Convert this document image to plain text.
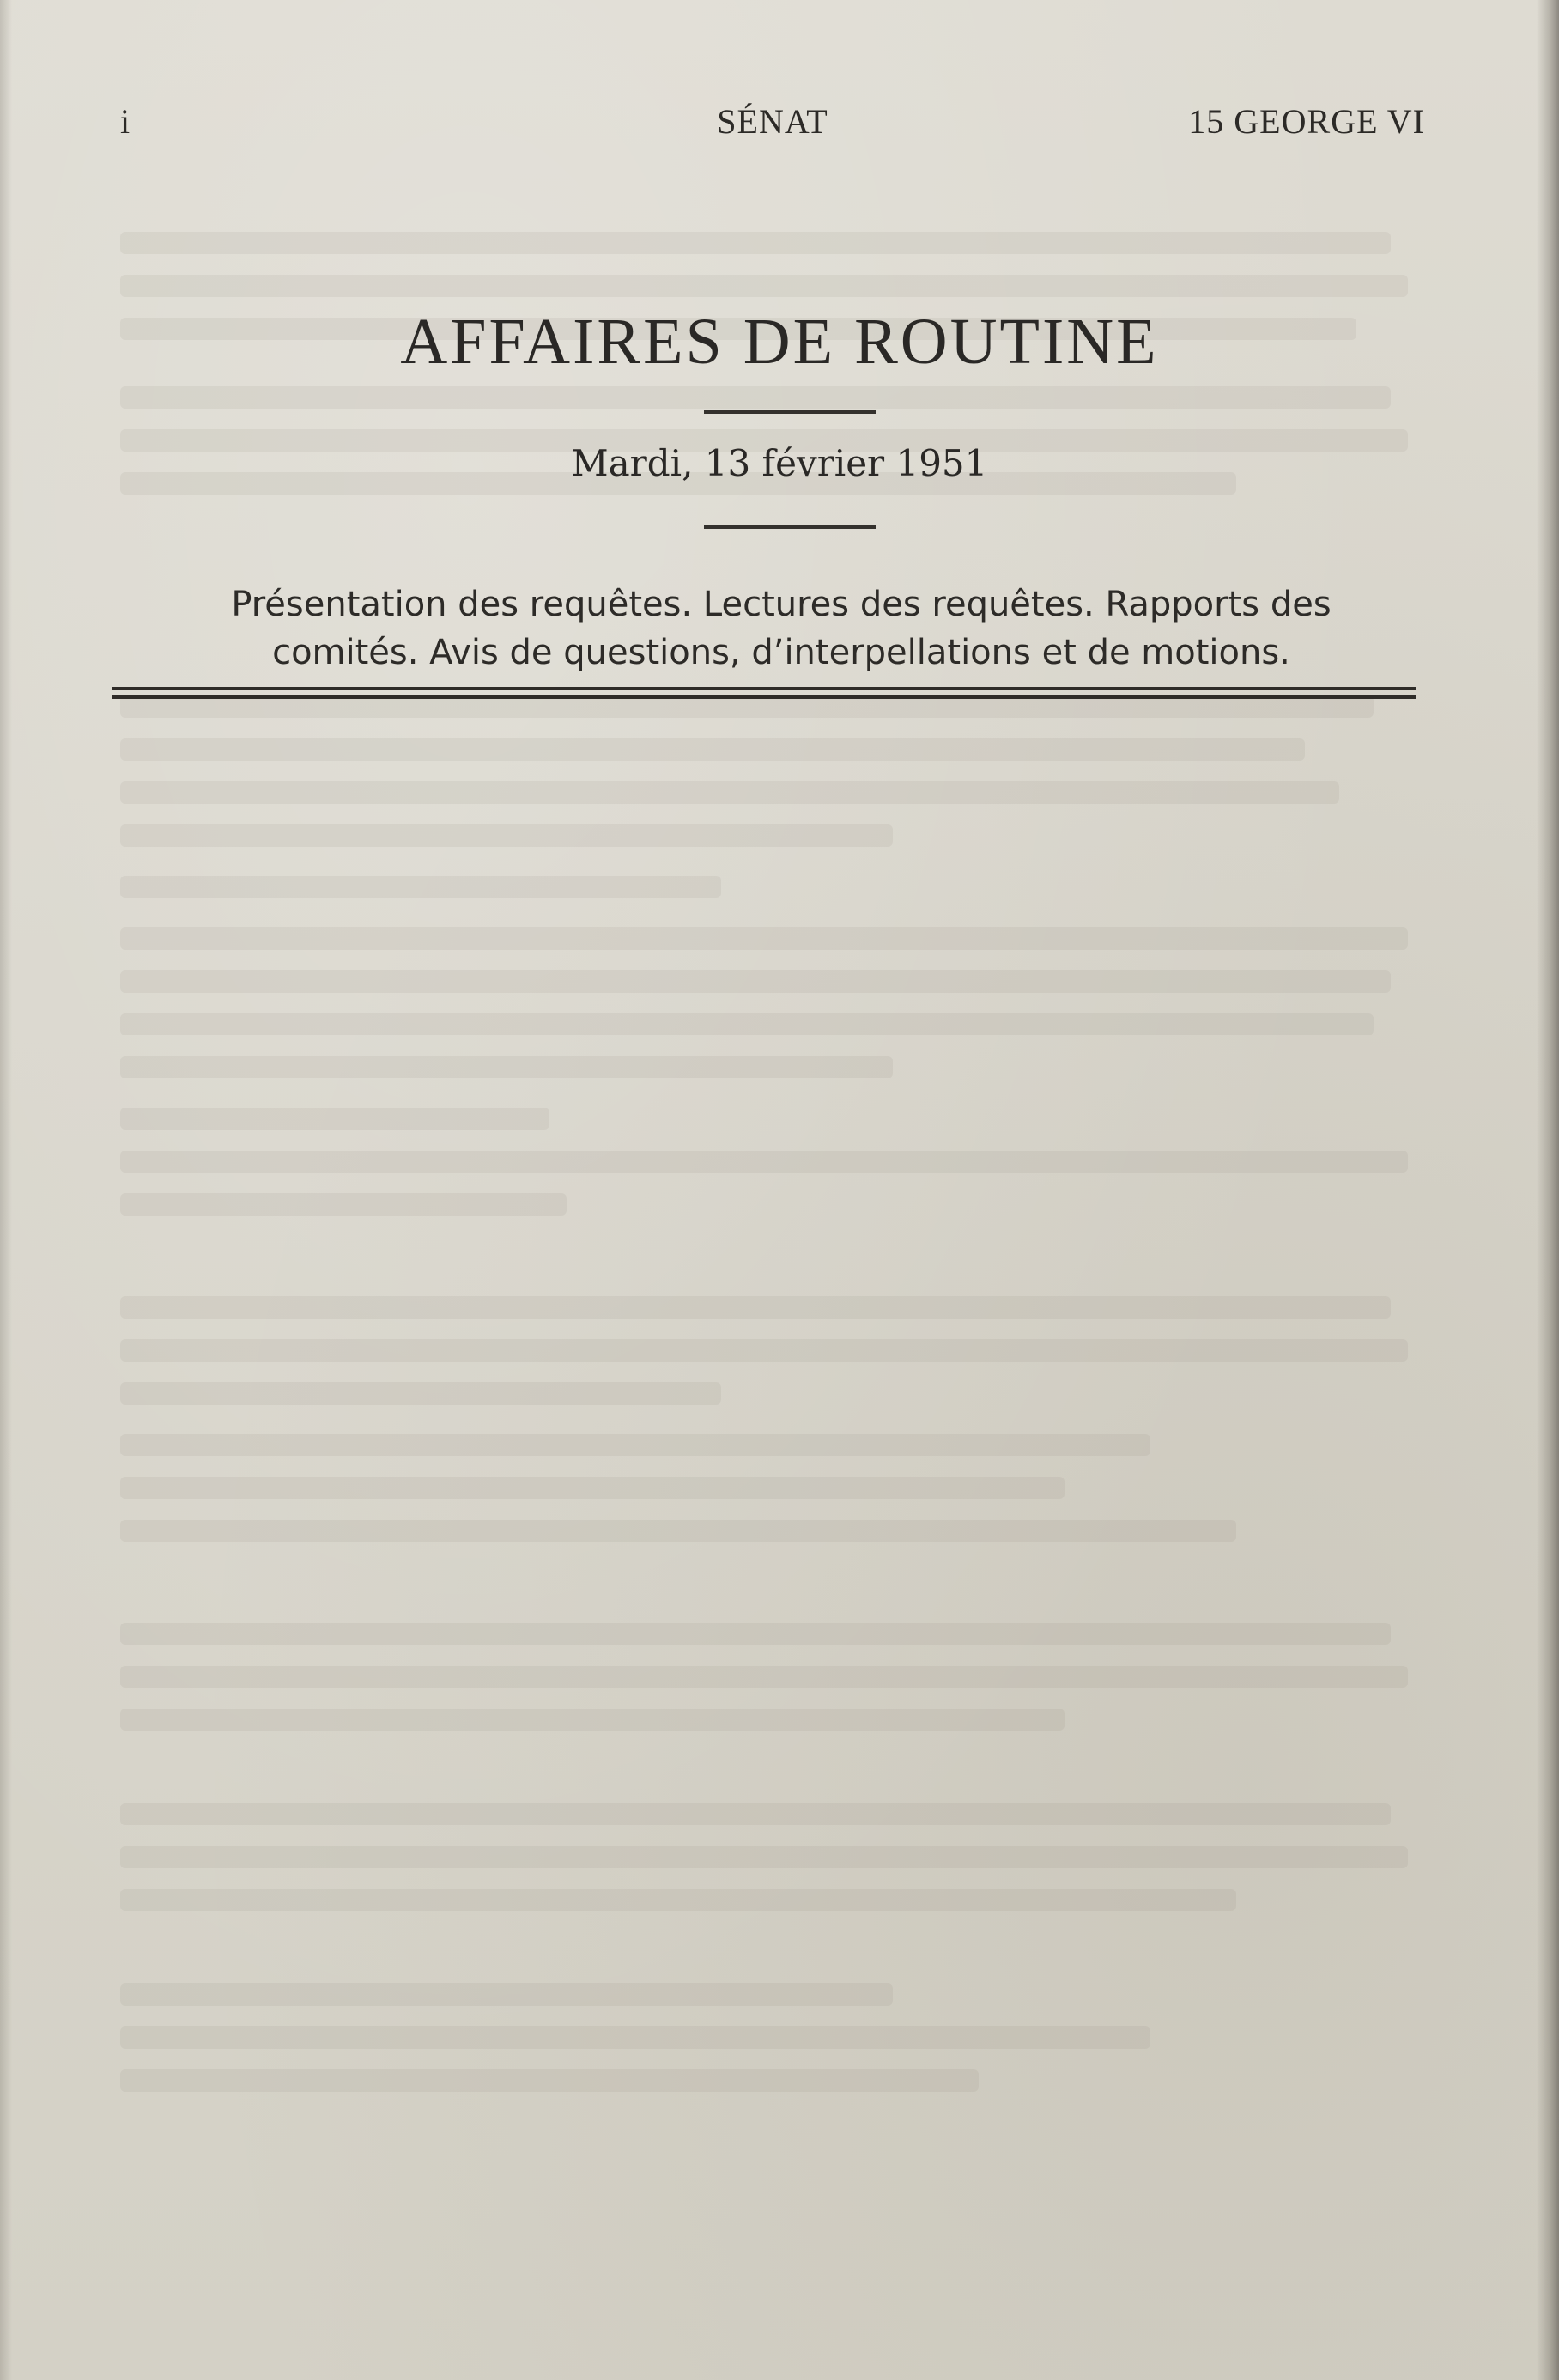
i	SÉNAT	15 GEORGE VI
AFFAIRES DE ROUTINE
Mardi, 13 février 1951
Présentation des requêtes. Lectures des requêtes. Rapports des
comités. Avis de questions, d’interpellations et de motions.
